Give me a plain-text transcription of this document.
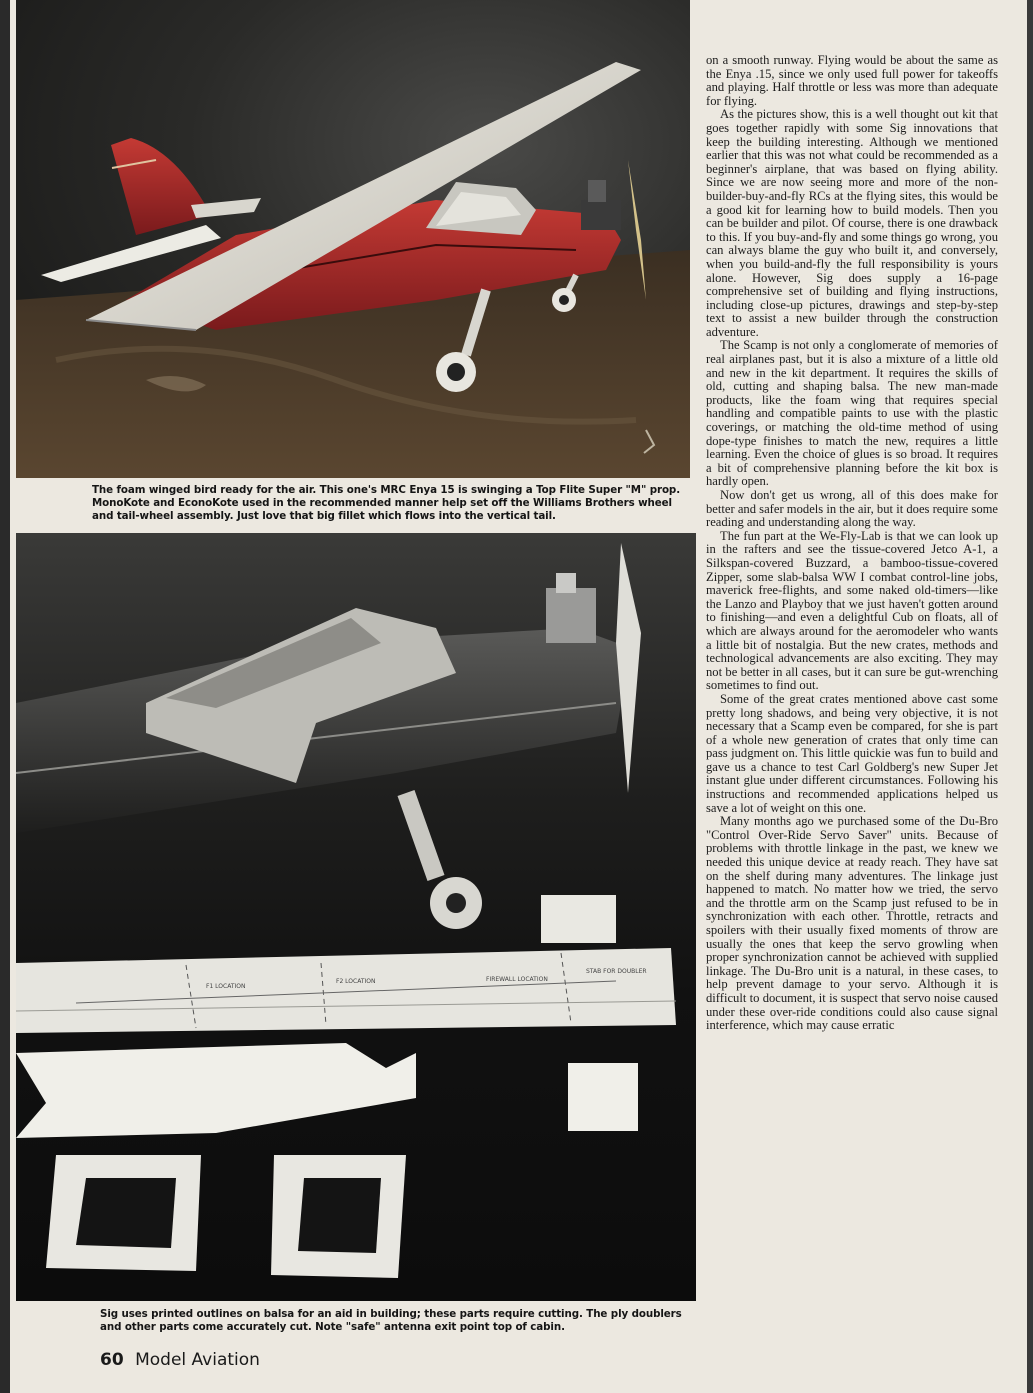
The foam winged bird ready for the air. This one's MRC Enya 15 is swinging a Top Flite Super "M" prop. MonoKote and EconoKote used in the recommended manner help set off the Williams Brothers wheel and tail-wheel assembly. Just love that big fillet which flows into the vertical tail.
F1 LOCATION
F2 LOCATION	FIREWALL LOCATION
STAB FOR DOUBLER
Sig uses printed outlines on balsa for an aid in building; these parts require cutting. The ply doublers and other parts come accurately cut. Note "safe" antenna exit point top of cabin.

on a smooth runway. Flying would be about the same as the Enya .15, since we only used full power for takeoffs and playing. Half throttle or less was more than adequate for flying.

As the pictures show, this is a well thought out kit that goes together rapidly with some Sig innovations that keep the building interesting. Although we mentioned earlier that this was not what could be recommended as a beginner's airplane, that was based on flying ability. Since we are now seeing more and more of the non-builder-buy-and-fly RCs at the flying sites, this would be a good kit for learning how to build models. Then you can be builder and pilot. Of course, there is one drawback to this. If you buy-and-fly and some things go wrong, you can always blame the guy who built it, and conversely, when you build-and-fly the full responsibility is yours alone. However, Sig does supply a 16-page comprehensive set of building and flying instructions, including close-up pictures, drawings and step-by-step text to assist a new builder through the construction adventure.

The Scamp is not only a conglomerate of memories of real airplanes past, but it is also a mixture of a little old and new in the kit department. It requires the skills of old, cutting and shaping balsa. The new man-made products, like the foam wing that requires special handling and compatible paints to use with the plastic coverings, or matching the old-time method of using dope-type finishes to match the new, requires a little learning. Even the choice of glues is so broad. It requires a bit of comprehensive planning before the kit box is hardly open.

Now don't get us wrong, all of this does make for better and safer models in the air, but it does require some reading and understanding along the way.

The fun part at the We-Fly-Lab is that we can look up in the rafters and see the tissue-covered Jetco A-1, a Silkspan-covered Buzzard, a bamboo-tissue-covered Zipper, some slab-balsa WW I combat control-line jobs, maverick free-flights, and some naked old-timers—like the Lanzo and Playboy that we just haven't gotten around to finishing—and even a delightful Cub on floats, all of which are always around for the aeromodeler who wants a little bit of nostalgia. But the new crates, methods and technological advancements are also exciting. They may not be better in all cases, but it can sure be gut-wrenching sometimes to find out.

Some of the great crates mentioned above cast some pretty long shadows, and being very objective, it is not necessary that a Scamp even be compared, for she is part of a whole new generation of crates that only time can pass judgment on. This little quickie was fun to build and gave us a chance to test Carl Goldberg's new Super Jet instant glue under different circumstances. Following his instructions and recommended applications helped us save a lot of weight on this one.

Many months ago we purchased some of the Du-Bro "Control Over-Ride Servo Saver" units. Because of problems with throttle linkage in the past, we knew we needed this unique device at ready reach. They have sat on the shelf during many adventures. The linkage just happened to match. No matter how we tried, the servo and the throttle arm on the Scamp just refused to be in synchronization with each other. Throttle, retracts and spoilers with their usually fixed moments of throw are usually the ones that keep the servo growling when proper synchronization cannot be achieved with supplied linkage. The Du-Bro unit is a natural, in these cases, to help prevent damage to your servo. Although it is difficult to document, it is suspect that servo noise caused under these over-ride conditions could also cause signal interference, which may cause erratic

60 Model Aviation
